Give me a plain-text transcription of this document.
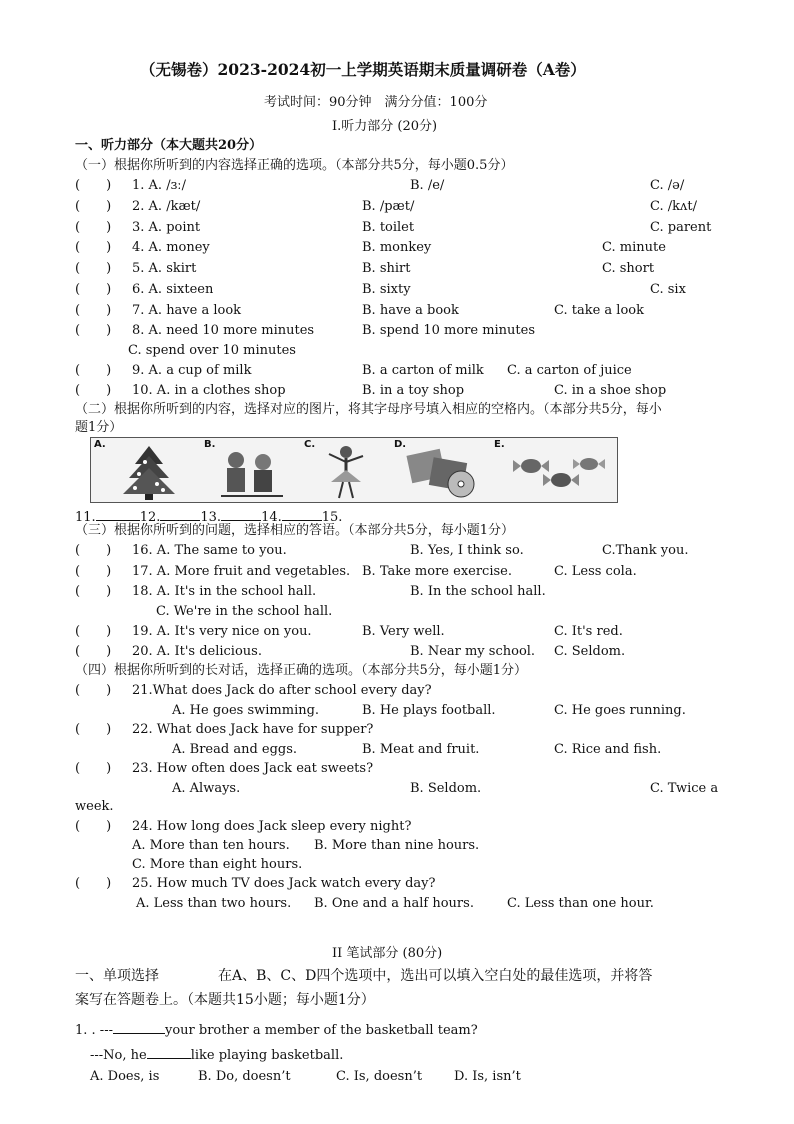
（无锡卷）2023-2024初一上学期英语期末质量调研卷（A卷）
考试时间：90分钟　满分分值：100分
I.听力部分 (20分)
一、听力部分（本大题共20分）
（一）根据你所听到的内容选择正确的选项。（本部分共5分，每小题0.5分）
(　　) 1. A. /ɜː/	B. /e/	C. /ə/
(　　) 2. A. /kæt/	B. /pæt/	C. /kʌt/
(　　) 3. A. point	B. toilet	C. parent
(　　) 4. A. money	B. monkey	C. minute
(　　) 5. A. skirt	B. shirt	C. short
(　　) 6. A. sixteen	B. sixty	C. six
(　　) 7. A. have a look	B. have a book	C. take a look
(　　) 8. A. need 10 more minutes	B. spend 10 more minutes
C. spend over 10 minutes
(　　) 9. A. a cup of milk	B. a carton of milk C. a carton of juice
(　　) 10. A. in a clothes shop	B. in a toy shop	C. in a shoe shop
（二）根据你所听到的内容，选择对应的图片，将其字母序号填入相应的空格内。（本部分共5分，每小
题1分）
A.	B.	C.	D.	E.
11.	12.	13.	14.	15.
（三）根据你所听到的问题，选择相应的答语。（本部分共5分，每小题1分）
(　　) 16. A. The same to you.	B. Yes, I think so.	C.Thank you.
(　　) 17. A. More fruit and vegetables. B. Take more exercise.	C. Less cola.
(　　) 18. A. It's in the school hall.	B. In the school hall.
C. We're in the school hall.
(　　) 19. A. It's very nice on you.	B. Very well.	C. It's red.
(　　) 20. A. It's delicious.	B. Near my school. C. Seldom.
（四）根据你所听到的长对话，选择正确的选项。（本部分共5分，每小题1分）
(　　) 21.What does Jack do after school every day?
A. He goes swimming.	B. He plays football.	C. He goes running.
(　　) 22. What does Jack have for supper?
A. Bread and eggs.	B. Meat and fruit.	C. Rice and fish.
(　　) 23. How often does Jack eat sweets?
A. Always.	B. Seldom.	C. Twice a
week.
(　　) 24. How long does Jack sleep every night?
A. More than ten hours. B. More than nine hours.
C. More than eight hours.
(　　) 25. How much TV does Jack watch every day?
A. Less than two hours. B. One and a half hours.	C. Less than one hour.
II 笔试部分 (80分)
一、单项选择	在A、B、C、D四个选项中，选出可以填入空白处的最佳选项，并将答
案写在答题卷上。（本题共15小题；每小题1分）
1. . ---	your brother a member of the basketball team?
---No, he	like playing basketball.
A. Does, is	B. Do, doesn’t	C. Is, doesn’t D. Is, isn’t
